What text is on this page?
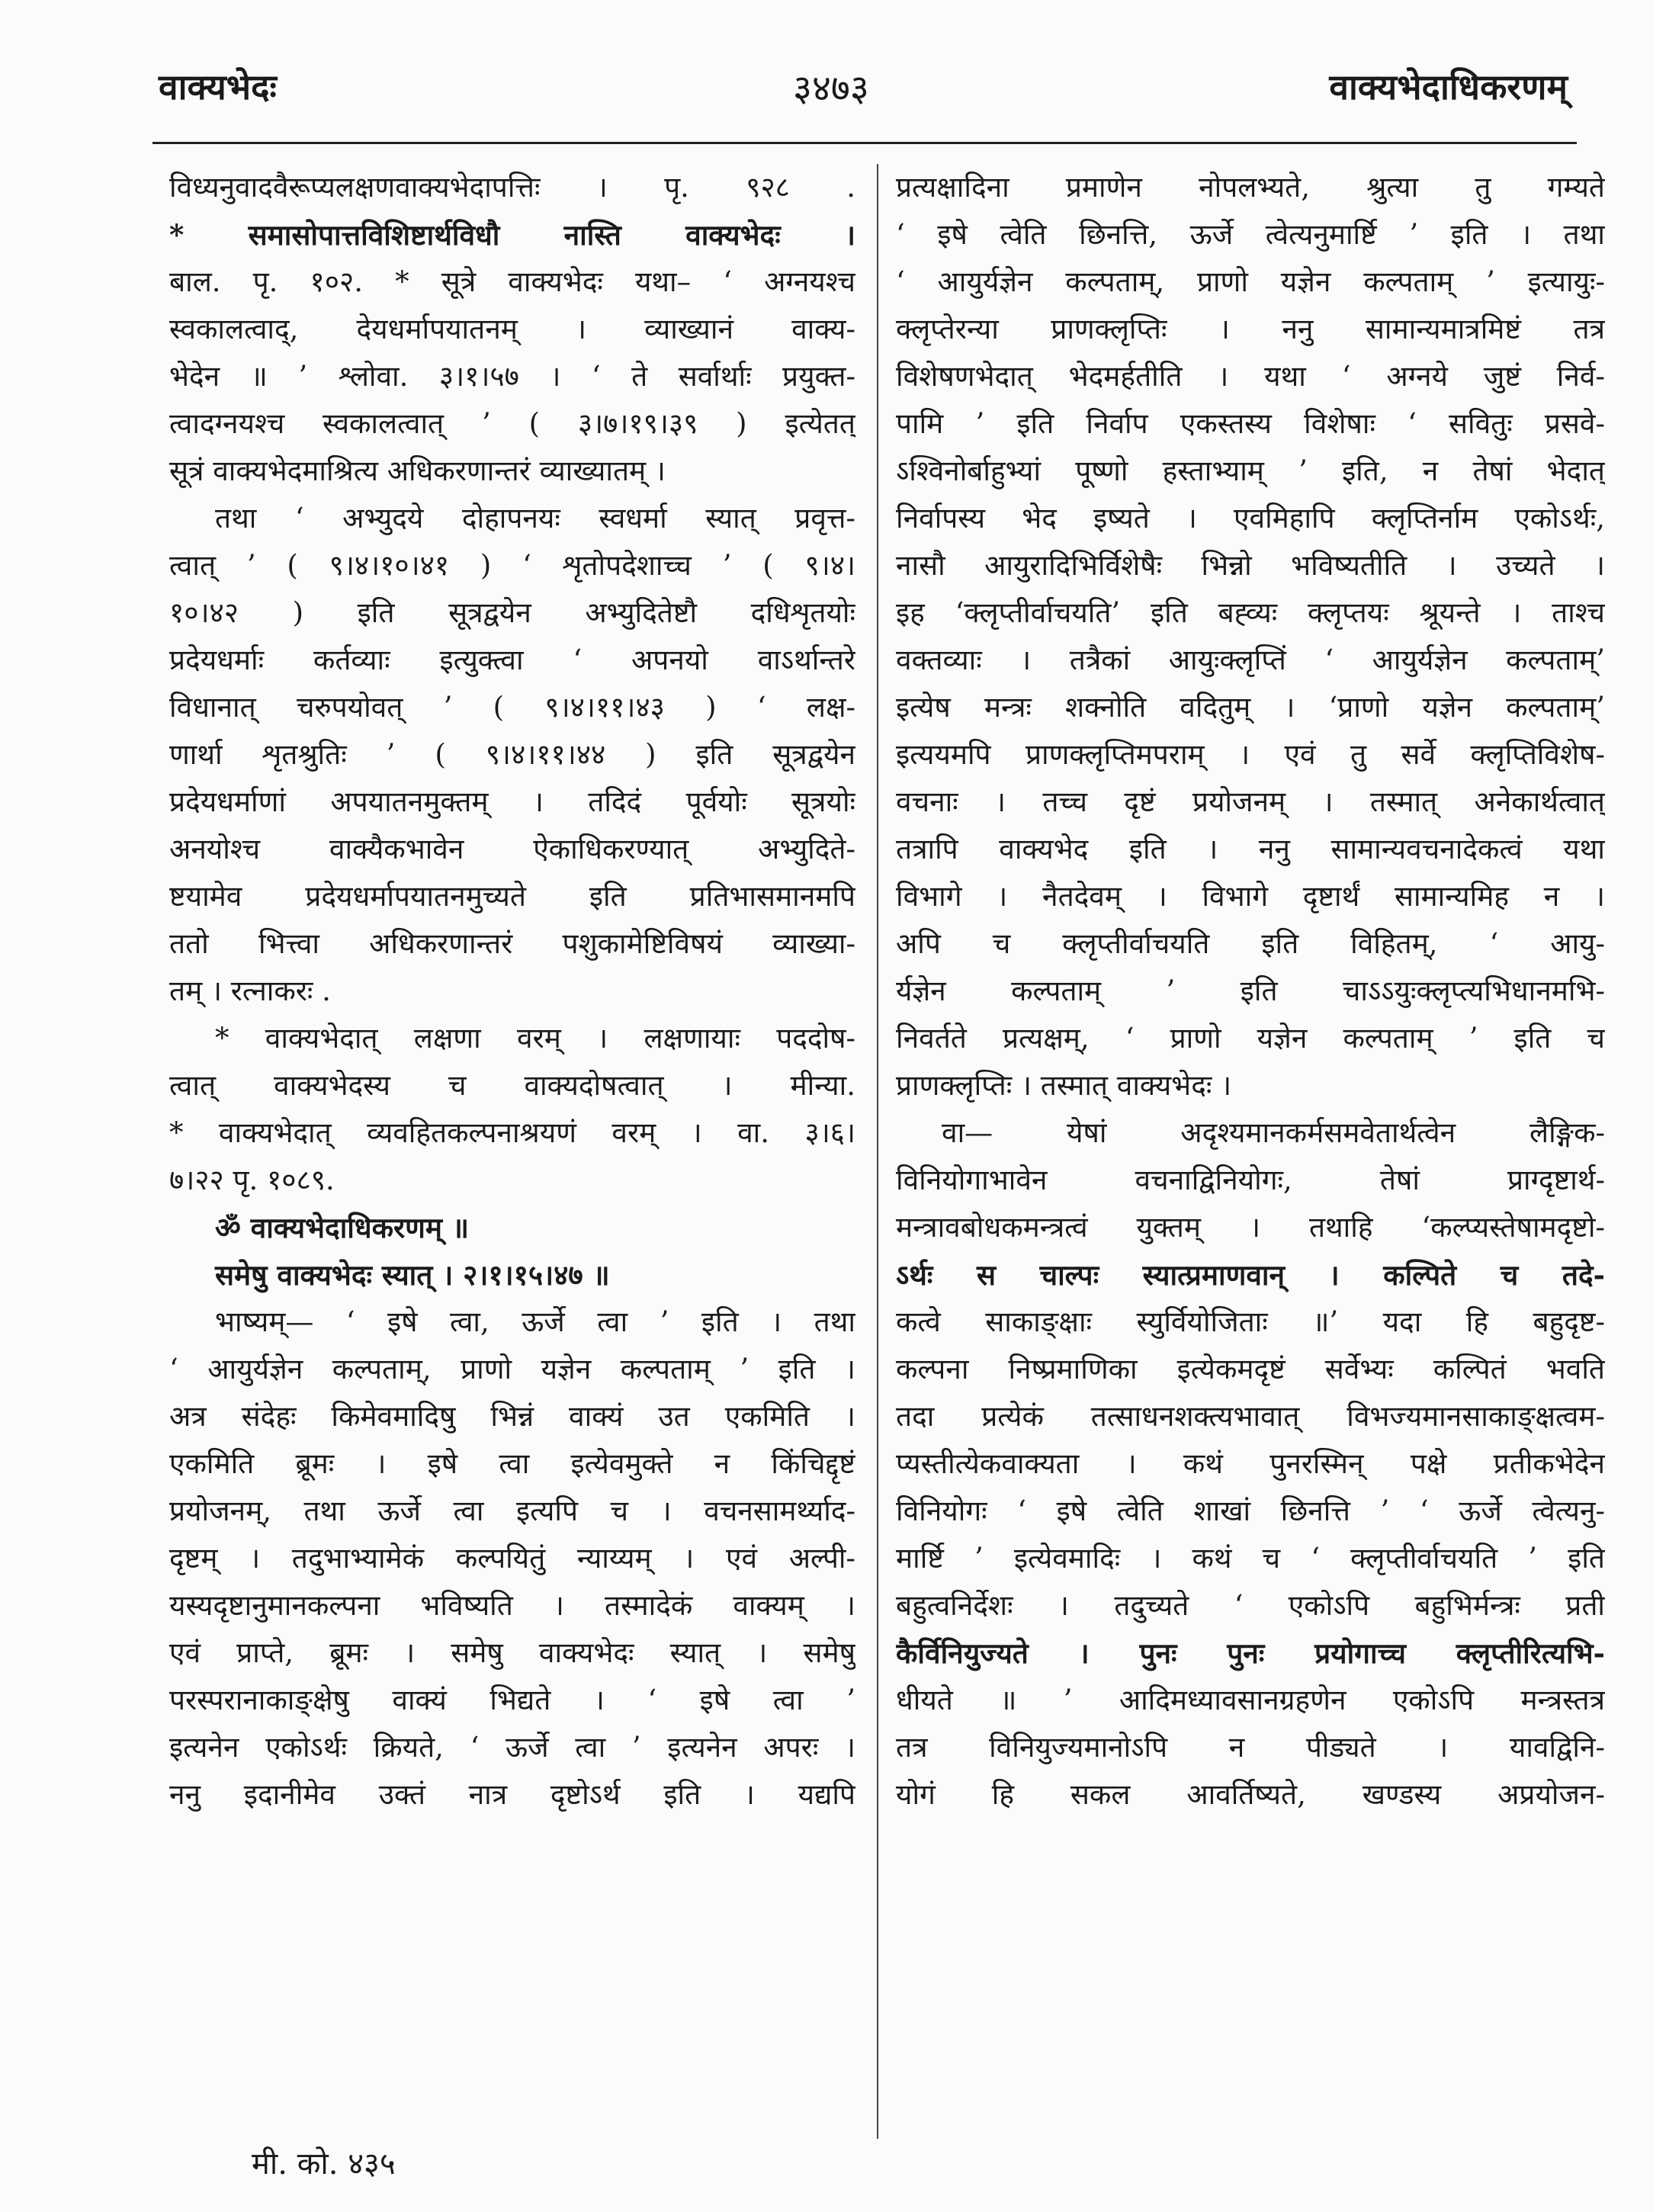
वाक्यभेदः	३४७३	वाक्यभेदाधिकरणम्
विध्यनुवादवैरूप्यलक्षणवाक्यभेदापत्तिः । पृ. ९२८ .
* समासोपात्तविशिष्टार्थविधौ नास्ति वाक्यभेदः ।
बाल. पृ. १०२. * सूत्रे वाक्यभेदः यथा– ‘ अग्नयश्च
स्वकालत्वाद्, देयधर्मापयातनम् । व्याख्यानं वाक्य-
भेदेन ॥ ’ श्लोवा. ३।१।५७ । ‘ ते सर्वार्थाः प्रयुक्त-
त्वादग्नयश्च स्वकालत्वात् ’ ( ३।७।१९।३९ ) इत्येतत्
सूत्रं वाक्यभेदमाश्रित्य अधिकरणान्तरं व्याख्यातम् ।
तथा ‘ अभ्युदये दोहापनयः स्वधर्मा स्यात् प्रवृत्त-
त्वात् ’ ( ९।४।१०।४१ ) ‘ शृतोपदेशाच्च ’ ( ९।४।
१०।४२ ) इति सूत्रद्वयेन अभ्युदितेष्टौ दधिशृतयोः
प्रदेयधर्माः कर्तव्याः इत्युक्त्वा ‘ अपनयो वाऽर्थान्तरे
विधानात् चरुपयोवत् ’ ( ९।४।११।४३ ) ‘ लक्ष-
णार्था शृतश्रुतिः ’ ( ९।४।११।४४ ) इति सूत्रद्वयेन
प्रदेयधर्माणां अपयातनमुक्तम् । तदिदं पूर्वयोः सूत्रयोः
अनयोश्च वाक्यैकभावेन ऐकाधिकरण्यात् अभ्युदिते-
ष्टयामेव प्रदेयधर्मापयातनमुच्यते इति प्रतिभासमानमपि
ततो भित्त्वा अधिकरणान्तरं पशुकामेष्टिविषयं व्याख्या-
तम् । रत्नाकरः .
* वाक्यभेदात् लक्षणा वरम् । लक्षणायाः पददोष-
त्वात् वाक्यभेदस्य च वाक्यदोषत्वात् । मीन्या.
* वाक्यभेदात् व्यवहितकल्पनाश्रयणं वरम् । वा. ३।६।
७।२२ पृ. १०८९.
ॐ वाक्यभेदाधिकरणम् ॥
समेषु वाक्यभेदः स्यात् । २।१।१५।४७ ॥
भाष्यम्— ‘ इषे त्वा, ऊर्जे त्वा ’ इति । तथा
‘ आयुर्यज्ञेन कल्पताम्, प्राणो यज्ञेन कल्पताम् ’ इति ।
अत्र संदेहः किमेवमादिषु भिन्नं वाक्यं उत एकमिति ।
एकमिति ब्रूमः । इषे त्वा इत्येवमुक्ते न किंचिद्दृष्टं
प्रयोजनम्, तथा ऊर्जे त्वा इत्यपि च । वचनसामर्थ्याद-
दृष्टम् । तदुभाभ्यामेकं कल्पयितुं न्याय्यम् । एवं अल्पी-
यस्यदृष्टानुमानकल्पना भविष्यति । तस्मादेकं वाक्यम् ।
एवं प्राप्ते, ब्रूमः । समेषु वाक्यभेदः स्यात् । समेषु
परस्परानाकाङ्क्षेषु वाक्यं भिद्यते । ‘ इषे त्वा ’
इत्यनेन एकोऽर्थः क्रियते, ‘ ऊर्जे त्वा ’ इत्यनेन अपरः ।
ननु इदानीमेव उक्तं नात्र दृष्टोऽर्थ इति । यद्यपि
प्रत्यक्षादिना प्रमाणेन नोपलभ्यते, श्रुत्या तु गम्यते
‘ इषे त्वेति छिनत्ति, ऊर्जे त्वेत्यनुमार्ष्टि ’ इति । तथा
‘ आयुर्यज्ञेन कल्पताम्, प्राणो यज्ञेन कल्पताम् ’ इत्यायुः-
क्लृप्तेरन्या प्राणक्लृप्तिः । ननु सामान्यमात्रमिष्टं तत्र
विशेषणभेदात् भेदमर्हतीति । यथा ‘ अग्नये जुष्टं निर्व-
पामि ’ इति निर्वाप एकस्तस्य विशेषाः ‘ सवितुः प्रसवे-
ऽश्विनोर्बाहुभ्यां पूष्णो हस्ताभ्याम् ’ इति, न तेषां भेदात्
निर्वापस्य भेद इष्यते । एवमिहापि क्लृप्तिर्नाम एकोऽर्थः,
नासौ आयुरादिभिर्विशेषैः भिन्नो भविष्यतीति । उच्यते ।
इह ‘क्लृप्तीर्वाचयति’ इति बह्व्यः क्लृप्तयः श्रूयन्ते । ताश्च
वक्तव्याः । तत्रैकां आयुःक्लृप्तिं ‘ आयुर्यज्ञेन कल्पताम्’
इत्येष मन्त्रः शक्नोति वदितुम् । ‘प्राणो यज्ञेन कल्पताम्’
इत्ययमपि प्राणक्लृप्तिमपराम् । एवं तु सर्वे क्लृप्तिविशेष-
वचनाः । तच्च दृष्टं प्रयोजनम् । तस्मात् अनेकार्थत्वात्
तत्रापि वाक्यभेद इति । ननु सामान्यवचनादेकत्वं यथा
विभागे । नैतदेवम् । विभागे दृष्टार्थं सामान्यमिह न ।
अपि च क्लृप्तीर्वाचयति इति विहितम्, ‘ आयु-
र्यज्ञेन कल्पताम् ’ इति चाऽऽयुःक्लृप्त्यभिधानमभि-
निवर्तते प्रत्यक्षम्, ‘ प्राणो यज्ञेन कल्पताम् ’ इति च
प्राणक्लृप्तिः । तस्मात् वाक्यभेदः ।
वा— येषां अदृश्यमानकर्मसमवेतार्थत्वेन लैङ्गिक-
विनियोगाभावेन वचनाद्विनियोगः, तेषां प्राग्दृष्टार्थ-
मन्त्रावबोधकमन्त्रत्वं युक्तम् । तथाहि ‘कल्प्यस्तेषामदृष्टो-
ऽर्थः स चाल्पः स्यात्प्रमाणवान् । कल्पिते च तदे-
कत्वे साकाङ्क्षाः स्युर्वियोजिताः ॥’ यदा हि बहुदृष्ट-
कल्पना निष्प्रमाणिका इत्येकमदृष्टं सर्वेभ्यः कल्पितं भवति
तदा प्रत्येकं तत्साधनशक्त्यभावात् विभज्यमानसाकाङ्क्षत्वम-
प्यस्तीत्येकवाक्यता । कथं पुनरस्मिन् पक्षे प्रतीकभेदेन
विनियोगः ‘ इषे त्वेति शाखां छिनत्ति ’ ‘ ऊर्जे त्वेत्यनु-
मार्ष्टि ’ इत्येवमादिः । कथं च ‘ क्लृप्तीर्वाचयति ’ इति
बहुत्वनिर्देशः । तदुच्यते ‘ एकोऽपि बहुभिर्मन्त्रः प्रती
कैर्विनियुज्यते । पुनः पुनः प्रयोगाच्च क्लृप्तीरित्यभि-
धीयते ॥ ’ आदिमध्यावसानग्रहणेन एकोऽपि मन्त्रस्तत्र
तत्र विनियुज्यमानोऽपि न पीड्यते । यावद्विनि-
योगं हि सकल आवर्तिष्यते, खण्डस्य अप्रयोजन-
मी. को. ४३५
